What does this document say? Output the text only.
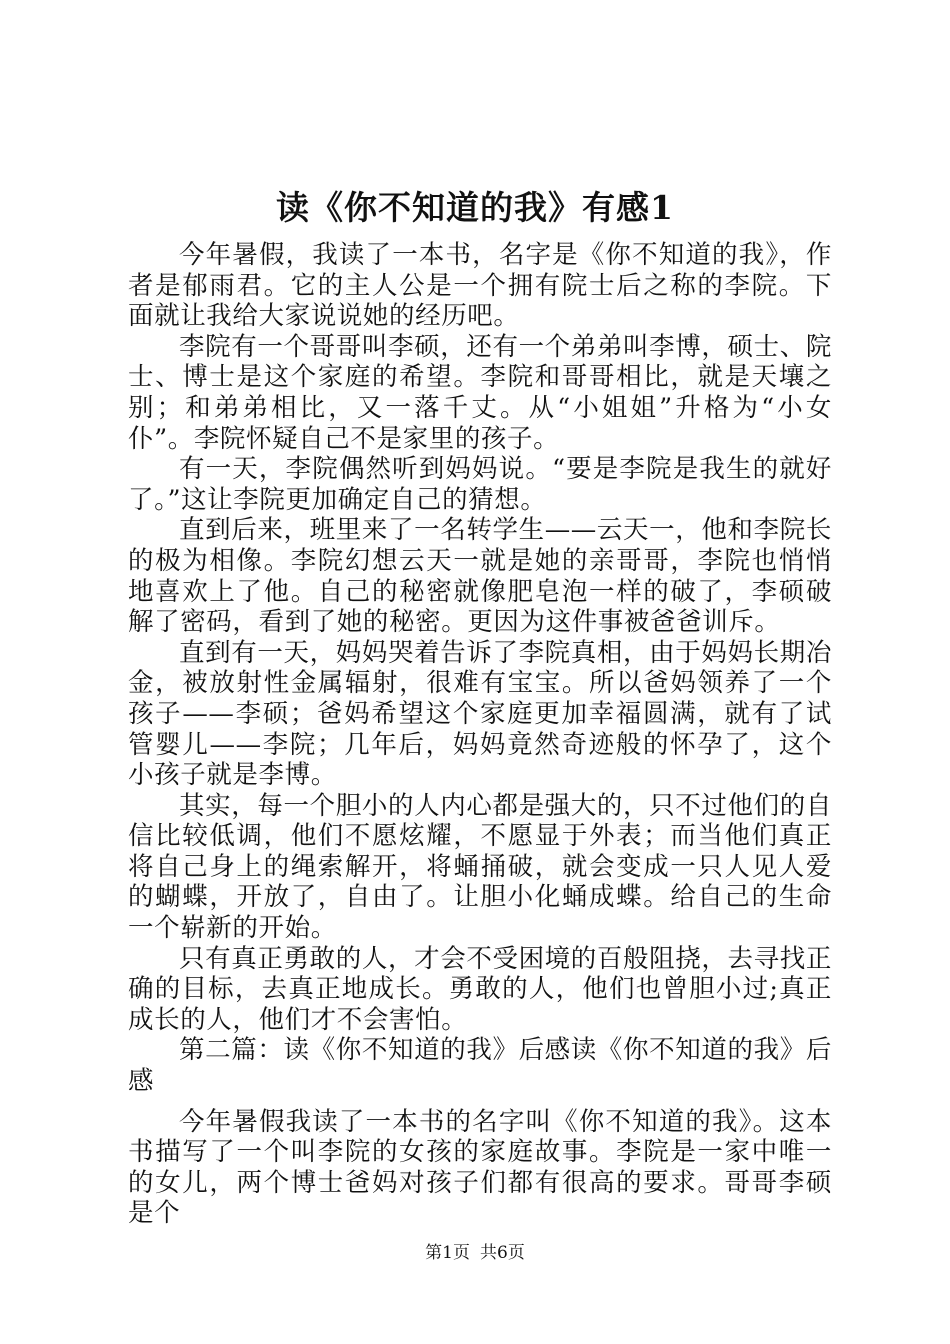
读《你不知道的我》有感1

今年暑假，我读了一本书，名字是《你不知道的我》，作者是郁雨君。它的主人公是一个拥有院士后之称的李院。下面就让我给大家说说她的经历吧。

李院有一个哥哥叫李硕，还有一个弟弟叫李博，硕士、院士、博士是这个家庭的希望。李院和哥哥相比，就是天壤之别；和弟弟相比，又一落千丈。从“小姐姐”升格为“小女仆”。李院怀疑自己不是家里的孩子。

有一天，李院偶然听到妈妈说。“要是李院是我生的就好了。”这让李院更加确定自己的猜想。

直到后来，班里来了一名转学生——云天一，他和李院长的极为相像。李院幻想云天一就是她的亲哥哥，李院也悄悄地喜欢上了他。自己的秘密就像肥皂泡一样的破了，李硕破解了密码，看到了她的秘密。更因为这件事被爸爸训斥。

直到有一天，妈妈哭着告诉了李院真相，由于妈妈长期冶金，被放射性金属辐射，很难有宝宝。所以爸妈领养了一个孩子——李硕；爸妈希望这个家庭更加幸福圆满，就有了试管婴儿——李院；几年后，妈妈竟然奇迹般的怀孕了，这个小孩子就是李博。

其实，每一个胆小的人内心都是强大的，只不过他们的自信比较低调，他们不愿炫耀，不愿显于外表；而当他们真正将自己身上的绳索解开，将蛹捅破，就会变成一只人见人爱的蝴蝶，开放了，自由了。让胆小化蛹成蝶。给自己的生命一个崭新的开始。

只有真正勇敢的人，才会不受困境的百般阻挠，去寻找正确的目标，去真正地成长。勇敢的人，他们也曾胆小过;真正成长的人，他们才不会害怕。

第二篇：读《你不知道的我》后感读《你不知道的我》后感

今年暑假我读了一本书的名字叫《你不知道的我》。这本书描写了一个叫李院的女孩的家庭故事。李院是一家中唯一的女儿，两个博士爸妈对孩子们都有很高的要求。哥哥李硕是个

第1页 共6页
